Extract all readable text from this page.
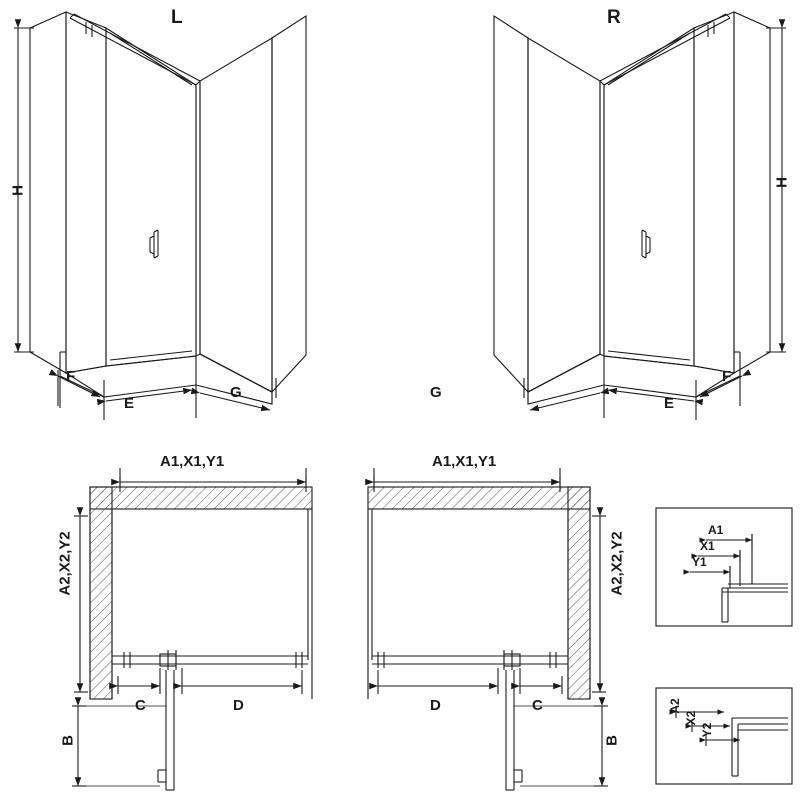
L	R
H
H
F
E
G	G
E
F
A1,X1,Y1	A1,X1,Y1
A2,X2,Y2	A2,X2,Y2
C	D	D	C
B	B
A1
X1
Y1
A2
X2
Y2
